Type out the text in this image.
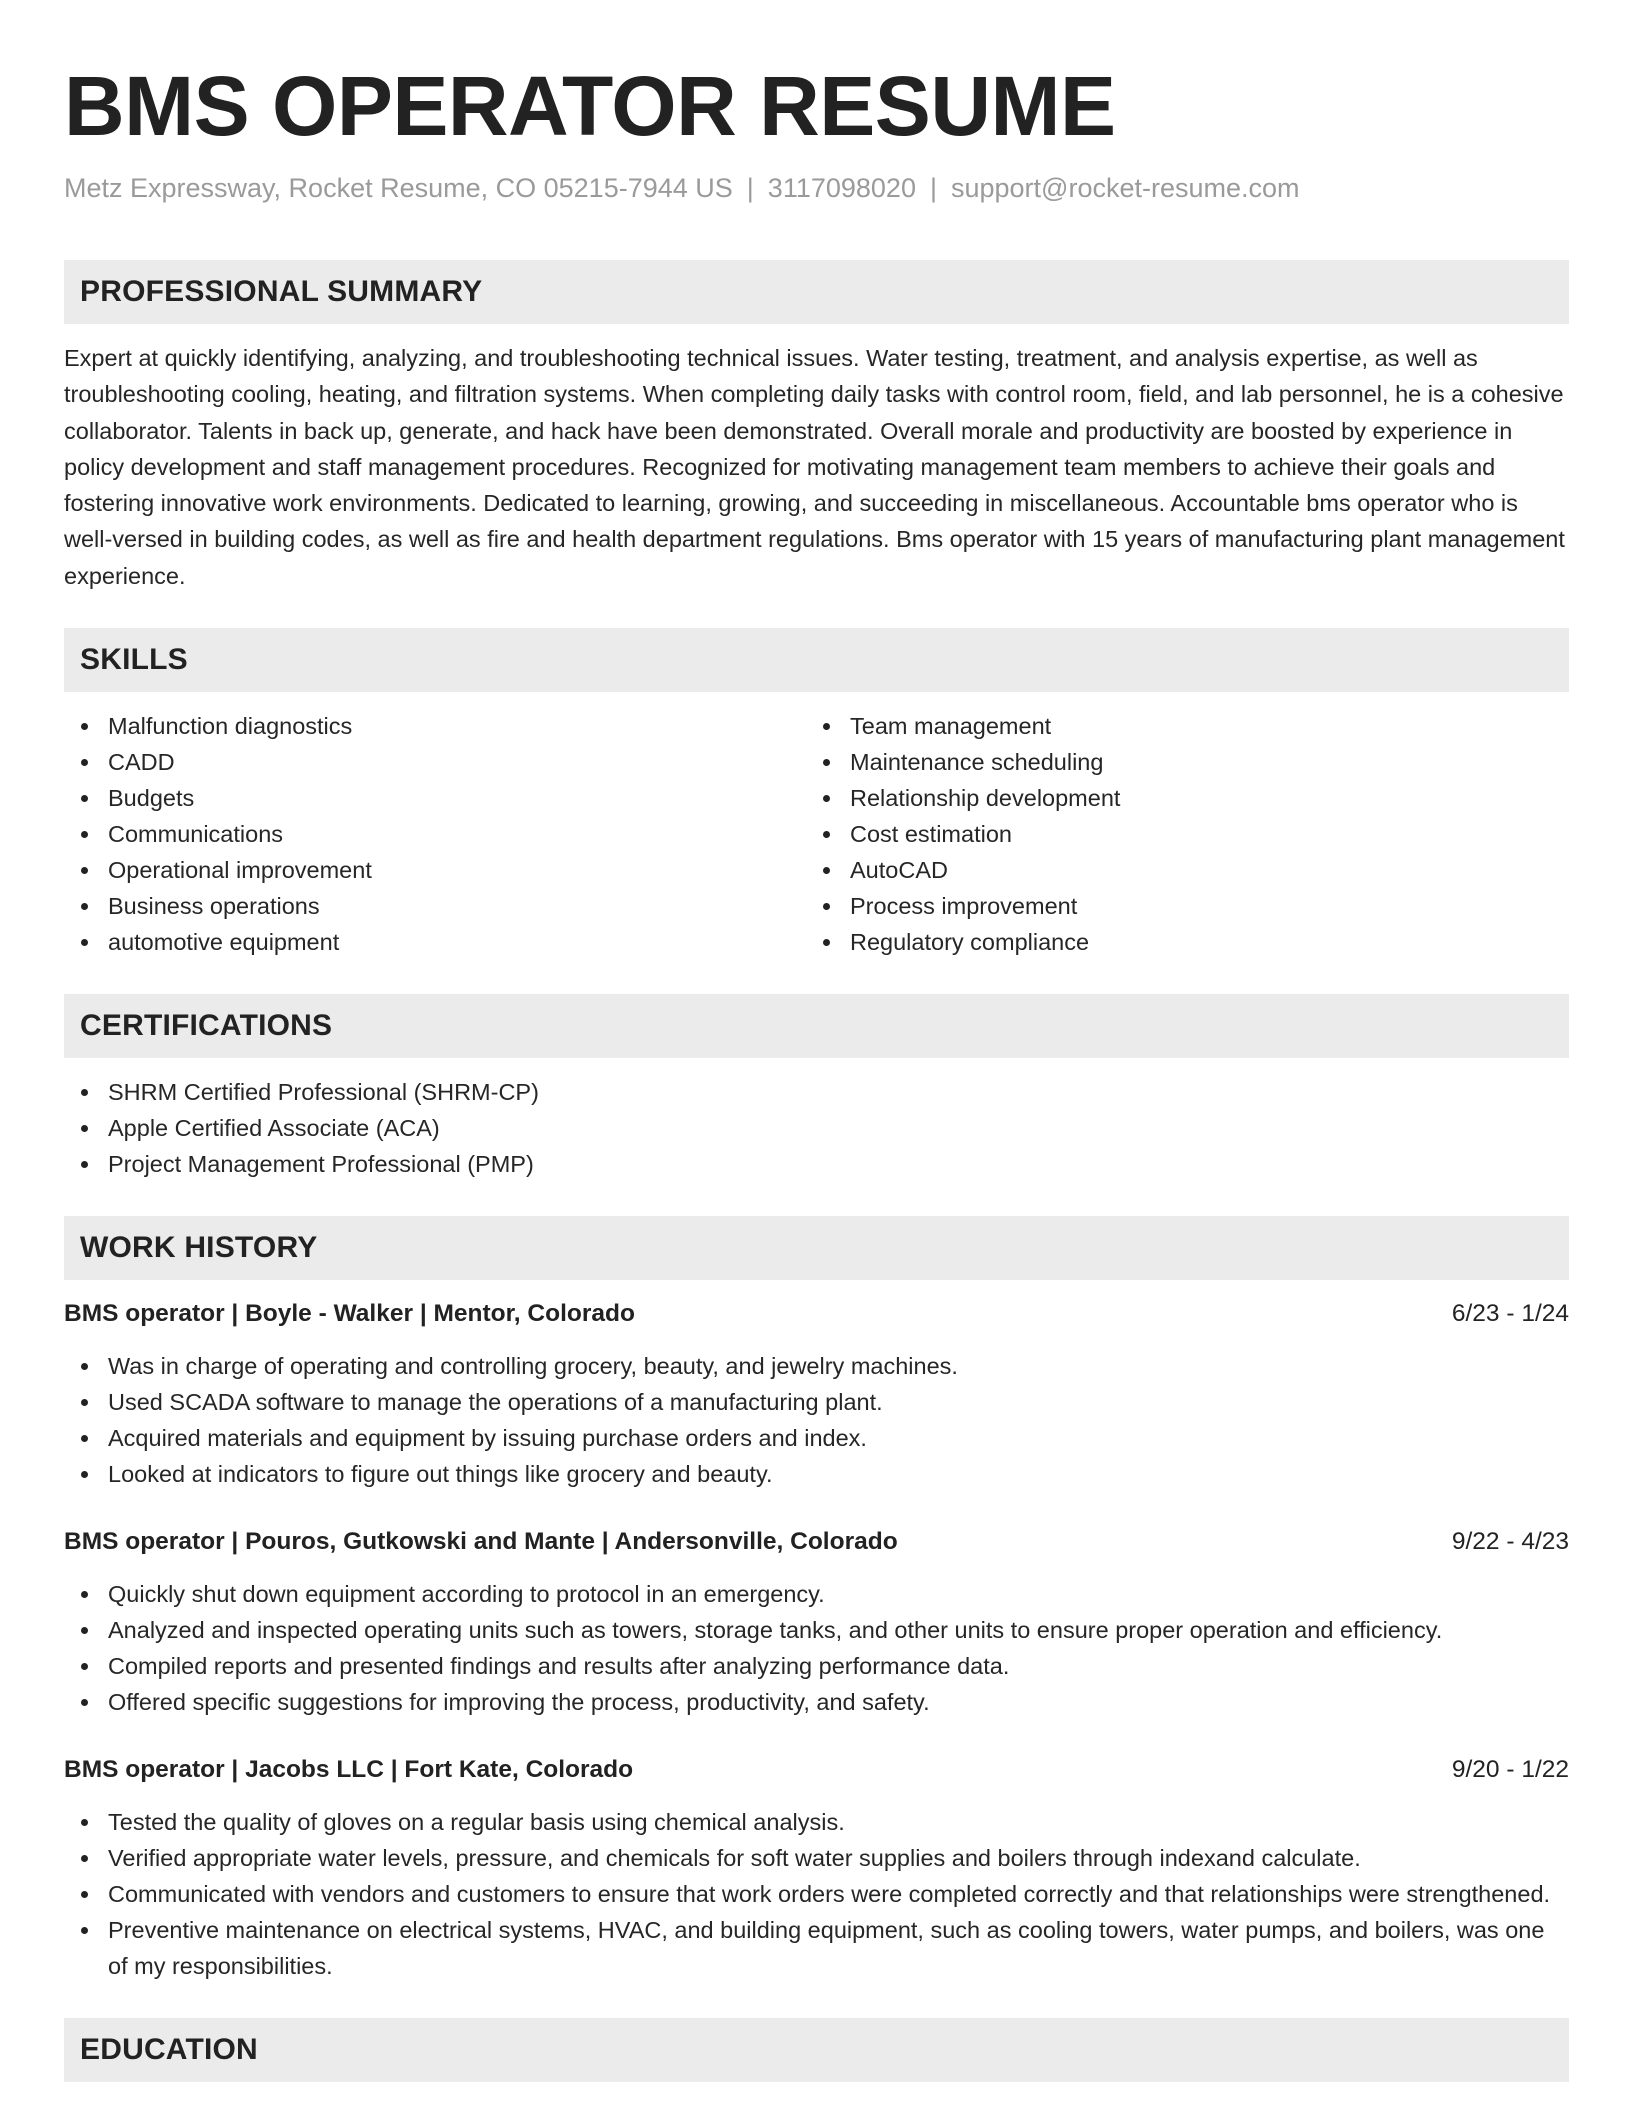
BMS OPERATOR RESUME
Metz Expressway, Rocket Resume, CO 05215-7944 US | 3117098020 | support@rocket-resume.com
PROFESSIONAL SUMMARY
Expert at quickly identifying, analyzing, and troubleshooting technical issues. Water testing, treatment, and analysis expertise, as well as troubleshooting cooling, heating, and filtration systems. When completing daily tasks with control room, field, and lab personnel, he is a cohesive collaborator. Talents in back up, generate, and hack have been demonstrated. Overall morale and productivity are boosted by experience in policy development and staff management procedures. Recognized for motivating management team members to achieve their goals and fostering innovative work environments. Dedicated to learning, growing, and succeeding in miscellaneous. Accountable bms operator who is well-versed in building codes, as well as fire and health department regulations. Bms operator with 15 years of manufacturing plant management experience.
SKILLS
Malfunction diagnostics
CADD
Budgets
Communications
Operational improvement
Business operations
automotive equipment
Team management
Maintenance scheduling
Relationship development
Cost estimation
AutoCAD
Process improvement
Regulatory compliance
CERTIFICATIONS
SHRM Certified Professional (SHRM-CP)
Apple Certified Associate (ACA)
Project Management Professional (PMP)
WORK HISTORY
BMS operator | Boyle - Walker | Mentor, Colorado	6/23 - 1/24
Was in charge of operating and controlling grocery, beauty, and jewelry machines.
Used SCADA software to manage the operations of a manufacturing plant.
Acquired materials and equipment by issuing purchase orders and index.
Looked at indicators to figure out things like grocery and beauty.
BMS operator | Pouros, Gutkowski and Mante | Andersonville, Colorado	9/22 - 4/23
Quickly shut down equipment according to protocol in an emergency.
Analyzed and inspected operating units such as towers, storage tanks, and other units to ensure proper operation and efficiency.
Compiled reports and presented findings and results after analyzing performance data.
Offered specific suggestions for improving the process, productivity, and safety.
BMS operator | Jacobs LLC | Fort Kate, Colorado	9/20 - 1/22
Tested the quality of gloves on a regular basis using chemical analysis.
Verified appropriate water levels, pressure, and chemicals for soft water supplies and boilers through indexand calculate.
Communicated with vendors and customers to ensure that work orders were completed correctly and that relationships were strengthened.
Preventive maintenance on electrical systems, HVAC, and building equipment, such as cooling towers, water pumps, and boilers, was one of my responsibilities.
EDUCATION
